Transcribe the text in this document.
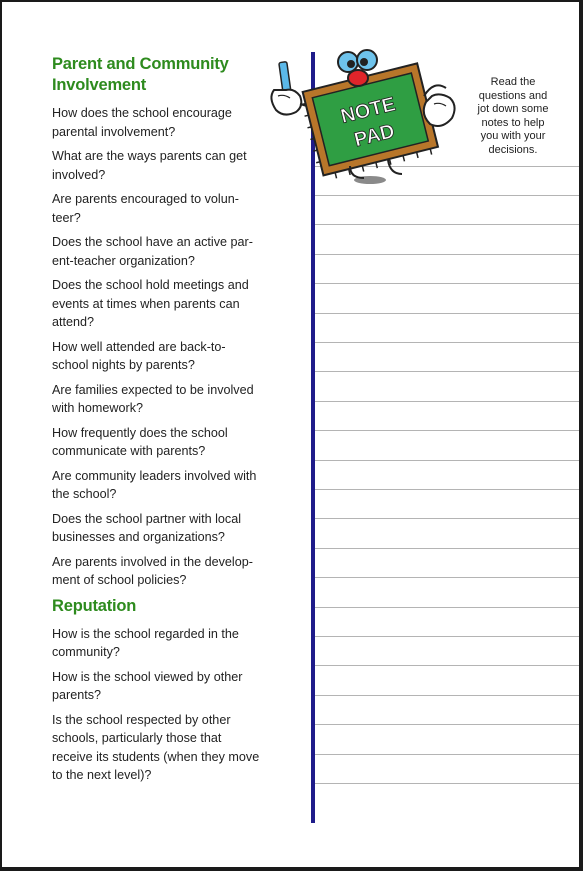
Parent and Community
Involvement
How does the school encourage
parental involvement?
What are the ways parents can get
involved?
Are parents encouraged to volun-
teer?
Does the school have an active par-
ent-teacher organization?
Does the school hold meetings and
events at times when parents can
attend?
How well attended are back-to-
school nights by parents?
Are families expected to be involved
with homework?
How frequently does the school
communicate with parents?
Are community leaders involved with
the school?
Does the school partner with local
businesses and organizations?
Are parents involved in the develop-
ment of school policies?
Reputation
How is the school regarded in the
community?
How is the school viewed by other
parents?
Is the school respected by other
schools, particularly those that
receive its students (when they move
to the next level)?
NOTE
PAD
Read the
questions and
jot down some
notes to help
you with your
decisions.
